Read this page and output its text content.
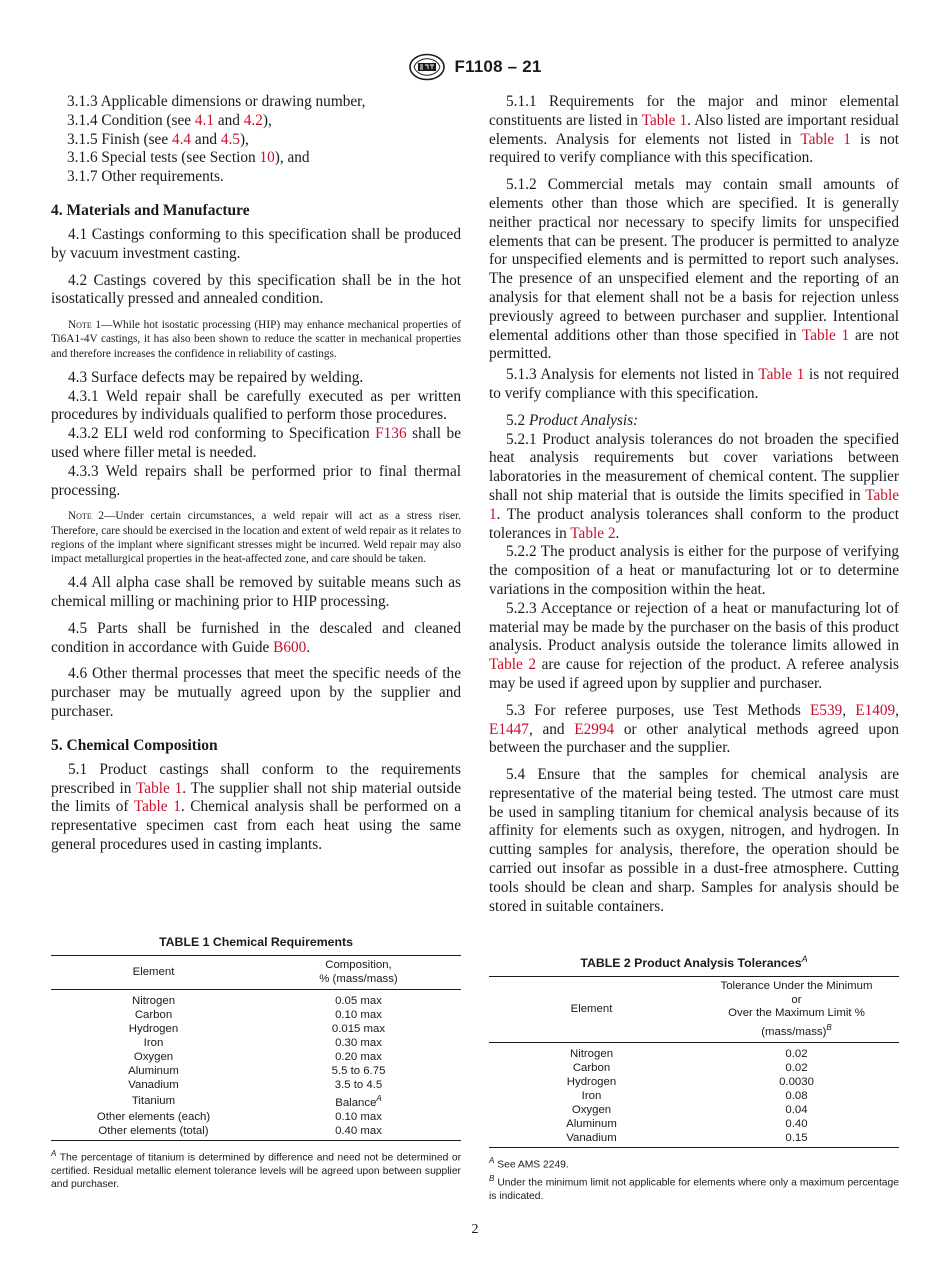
F1108 – 21

3.1.3 Applicable dimensions or drawing number,

3.1.4 Condition (see 4.1 and 4.2),

3.1.5 Finish (see 4.4 and 4.5),

3.1.6 Special tests (see Section 10), and

3.1.7 Other requirements.

4. Materials and Manufacture

4.1 Castings conforming to this specification shall be produced by vacuum investment casting.

4.2 Castings covered by this specification shall be in the hot isostatically pressed and annealed condition.

Note 1—While hot isostatic processing (HIP) may enhance mechanical properties of Ti6A1-4V castings, it has also been shown to reduce the scatter in mechanical properties and therefore increases the confidence in reliability of castings.

4.3 Surface defects may be repaired by welding.

4.3.1 Weld repair shall be carefully executed as per written procedures by individuals qualified to perform those procedures.

4.3.2 ELI weld rod conforming to Specification F136 shall be used where filler metal is needed.

4.3.3 Weld repairs shall be performed prior to final thermal processing.

Note 2—Under certain circumstances, a weld repair will act as a stress riser. Therefore, care should be exercised in the location and extent of weld repair as it relates to regions of the implant where significant stresses might be incurred. Weld repair may also impact metallurgical properties in the heat-affected zone, and care should be taken.

4.4 All alpha case shall be removed by suitable means such as chemical milling or machining prior to HIP processing.

4.5 Parts shall be furnished in the descaled and cleaned condition in accordance with Guide B600.

4.6 Other thermal processes that meet the specific needs of the purchaser may be mutually agreed upon by the supplier and purchaser.

5. Chemical Composition

5.1 Product castings shall conform to the requirements prescribed in Table 1. The supplier shall not ship material outside the limits of Table 1. Chemical analysis shall be performed on a representative specimen cast from each heat using the same general procedures used in casting implants.

5.1.1 Requirements for the major and minor elemental constituents are listed in Table 1. Also listed are important residual elements. Analysis for elements not listed in Table 1 is not required to verify compliance with this specification.

5.1.2 Commercial metals may contain small amounts of elements other than those which are specified. It is generally neither practical nor necessary to specify limits for unspecified elements that can be present. The producer is permitted to analyze for unspecified elements and is permitted to report such analyses. The presence of an unspecified element and the reporting of an analysis for that element shall not be a basis for rejection unless previously agreed to between purchaser and supplier. Intentional elemental additions other than those specified in Table 1 are not permitted.

5.1.3 Analysis for elements not listed in Table 1 is not required to verify compliance with this specification.

5.2 Product Analysis:

5.2.1 Product analysis tolerances do not broaden the specified heat analysis requirements but cover variations between laboratories in the measurement of chemical content. The supplier shall not ship material that is outside the limits specified in Table 1. The product analysis tolerances shall conform to the product tolerances in Table 2.

5.2.2 The product analysis is either for the purpose of verifying the composition of a heat or manufacturing lot or to determine variations in the composition within the heat.

5.2.3 Acceptance or rejection of a heat or manufacturing lot of material may be made by the purchaser on the basis of this product analysis. Product analysis outside the tolerance limits allowed in Table 2 are cause for rejection of the product. A referee analysis may be used if agreed upon by supplier and purchaser.

5.3 For referee purposes, use Test Methods E539, E1409, E1447, and E2994 or other analytical methods agreed upon between the purchaser and the supplier.

5.4 Ensure that the samples for chemical analysis are representative of the material being tested. The utmost care must be used in sampling titanium for chemical analysis because of its affinity for elements such as oxygen, nitrogen, and hydrogen. In cutting samples for analysis, therefore, the operation should be carried out insofar as possible in a dust-free atmosphere. Cutting tools should be clean and sharp. Samples for analysis should be stored in suitable containers.

TABLE 1 Chemical Requirements
Element	Composition,
% (mass/mass)
Nitrogen	0.05 max
Carbon	0.10 max
Hydrogen	0.015 max
Iron	0.30 max
Oxygen	0.20 max
Aluminum	5.5 to 6.75
Vanadium	3.5 to 4.5
Titanium	Balance$^A$
Other elements (each)	0.10 max
Other elements (total)	0.40 max
$^A$ The percentage of titanium is determined by difference and need not be determined or certified. Residual metallic element tolerance levels will be agreed upon between supplier and purchaser.
TABLE 2 Product Analysis Tolerances$^A$
Element	Tolerance Under the Minimum
or
Over the Maximum Limit %
(mass/mass)$^B$
Nitrogen	0.02
Carbon	0.02
Hydrogen	0.0030
Iron	0.08
Oxygen	0.04
Aluminum	0.40
Vanadium	0.15
$^A$ See AMS 2249.
$^B$ Under the minimum limit not applicable for elements where only a maximum percentage is indicated.
2
